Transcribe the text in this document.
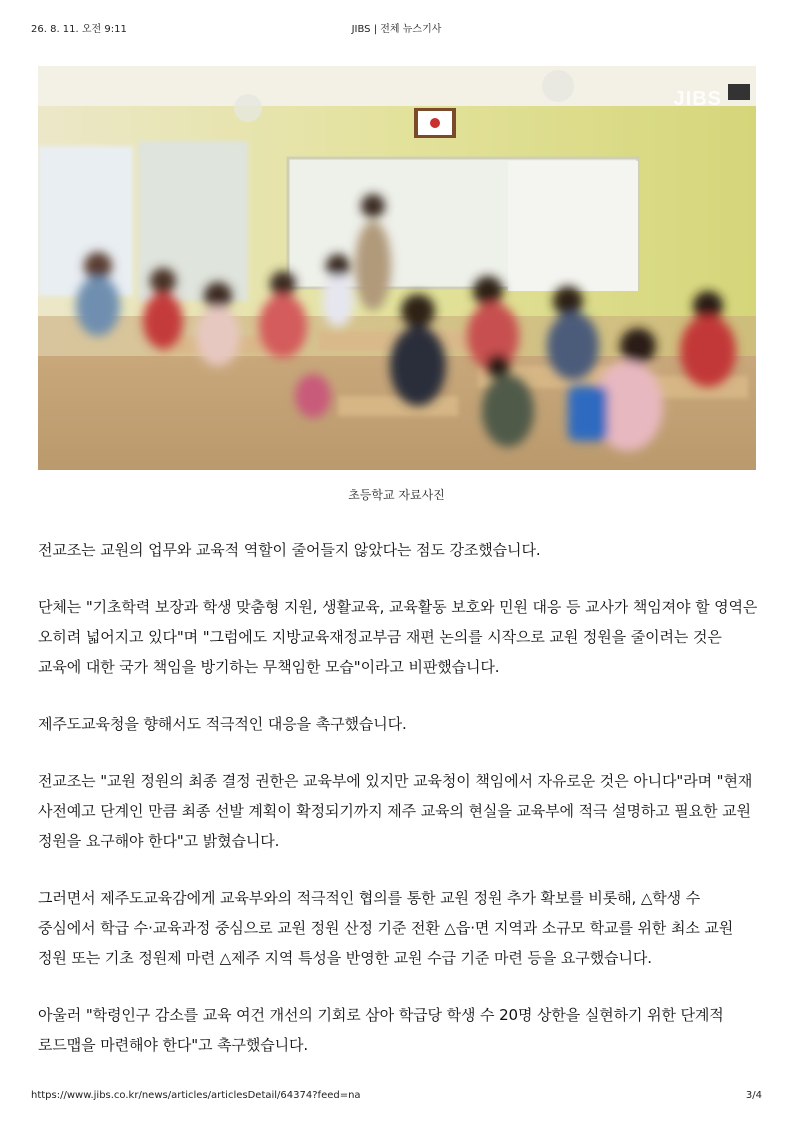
26. 8. 11. 오전 9:11	JIBS | 전체 뉴스기사
JIBS
초등학교 자료사진

전교조는 교원의 업무와 교육적 역할이 줄어들지 않았다는 점도 강조했습니다.

단체는 "기초학력 보장과 학생 맞춤형 지원, 생활교육, 교육활동 보호와 민원 대응 등 교사가 책임져야 할 영역은 오히려 넓어지고 있다"며 "그럼에도 지방교육재정교부금 재편 논의를 시작으로 교원 정원을 줄이려는 것은 교육에 대한 국가 책임을 방기하는 무책임한 모습"이라고 비판했습니다.

제주도교육청을 향해서도 적극적인 대응을 촉구했습니다.

전교조는 "교원 정원의 최종 결정 권한은 교육부에 있지만 교육청이 책임에서 자유로운 것은 아니다"라며 "현재 사전예고 단계인 만큼 최종 선발 계획이 확정되기까지 제주 교육의 현실을 교육부에 적극 설명하고 필요한 교원 정원을 요구해야 한다"고 밝혔습니다.

그러면서 제주도교육감에게 교육부와의 적극적인 협의를 통한 교원 정원 추가 확보를 비롯해, △학생 수 중심에서 학급 수·교육과정 중심으로 교원 정원 산정 기준 전환 △읍·면 지역과 소규모 학교를 위한 최소 교원 정원 또는 기초 정원제 마련 △제주 지역 특성을 반영한 교원 수급 기준 마련 등을 요구했습니다.

아울러 "학령인구 감소를 교육 여건 개선의 기회로 삼아 학급당 학생 수 20명 상한을 실현하기 위한 단계적 로드맵을 마련해야 한다"고 촉구했습니다.

https://www.jibs.co.kr/news/articles/articlesDetail/64374?feed=na	3/4
